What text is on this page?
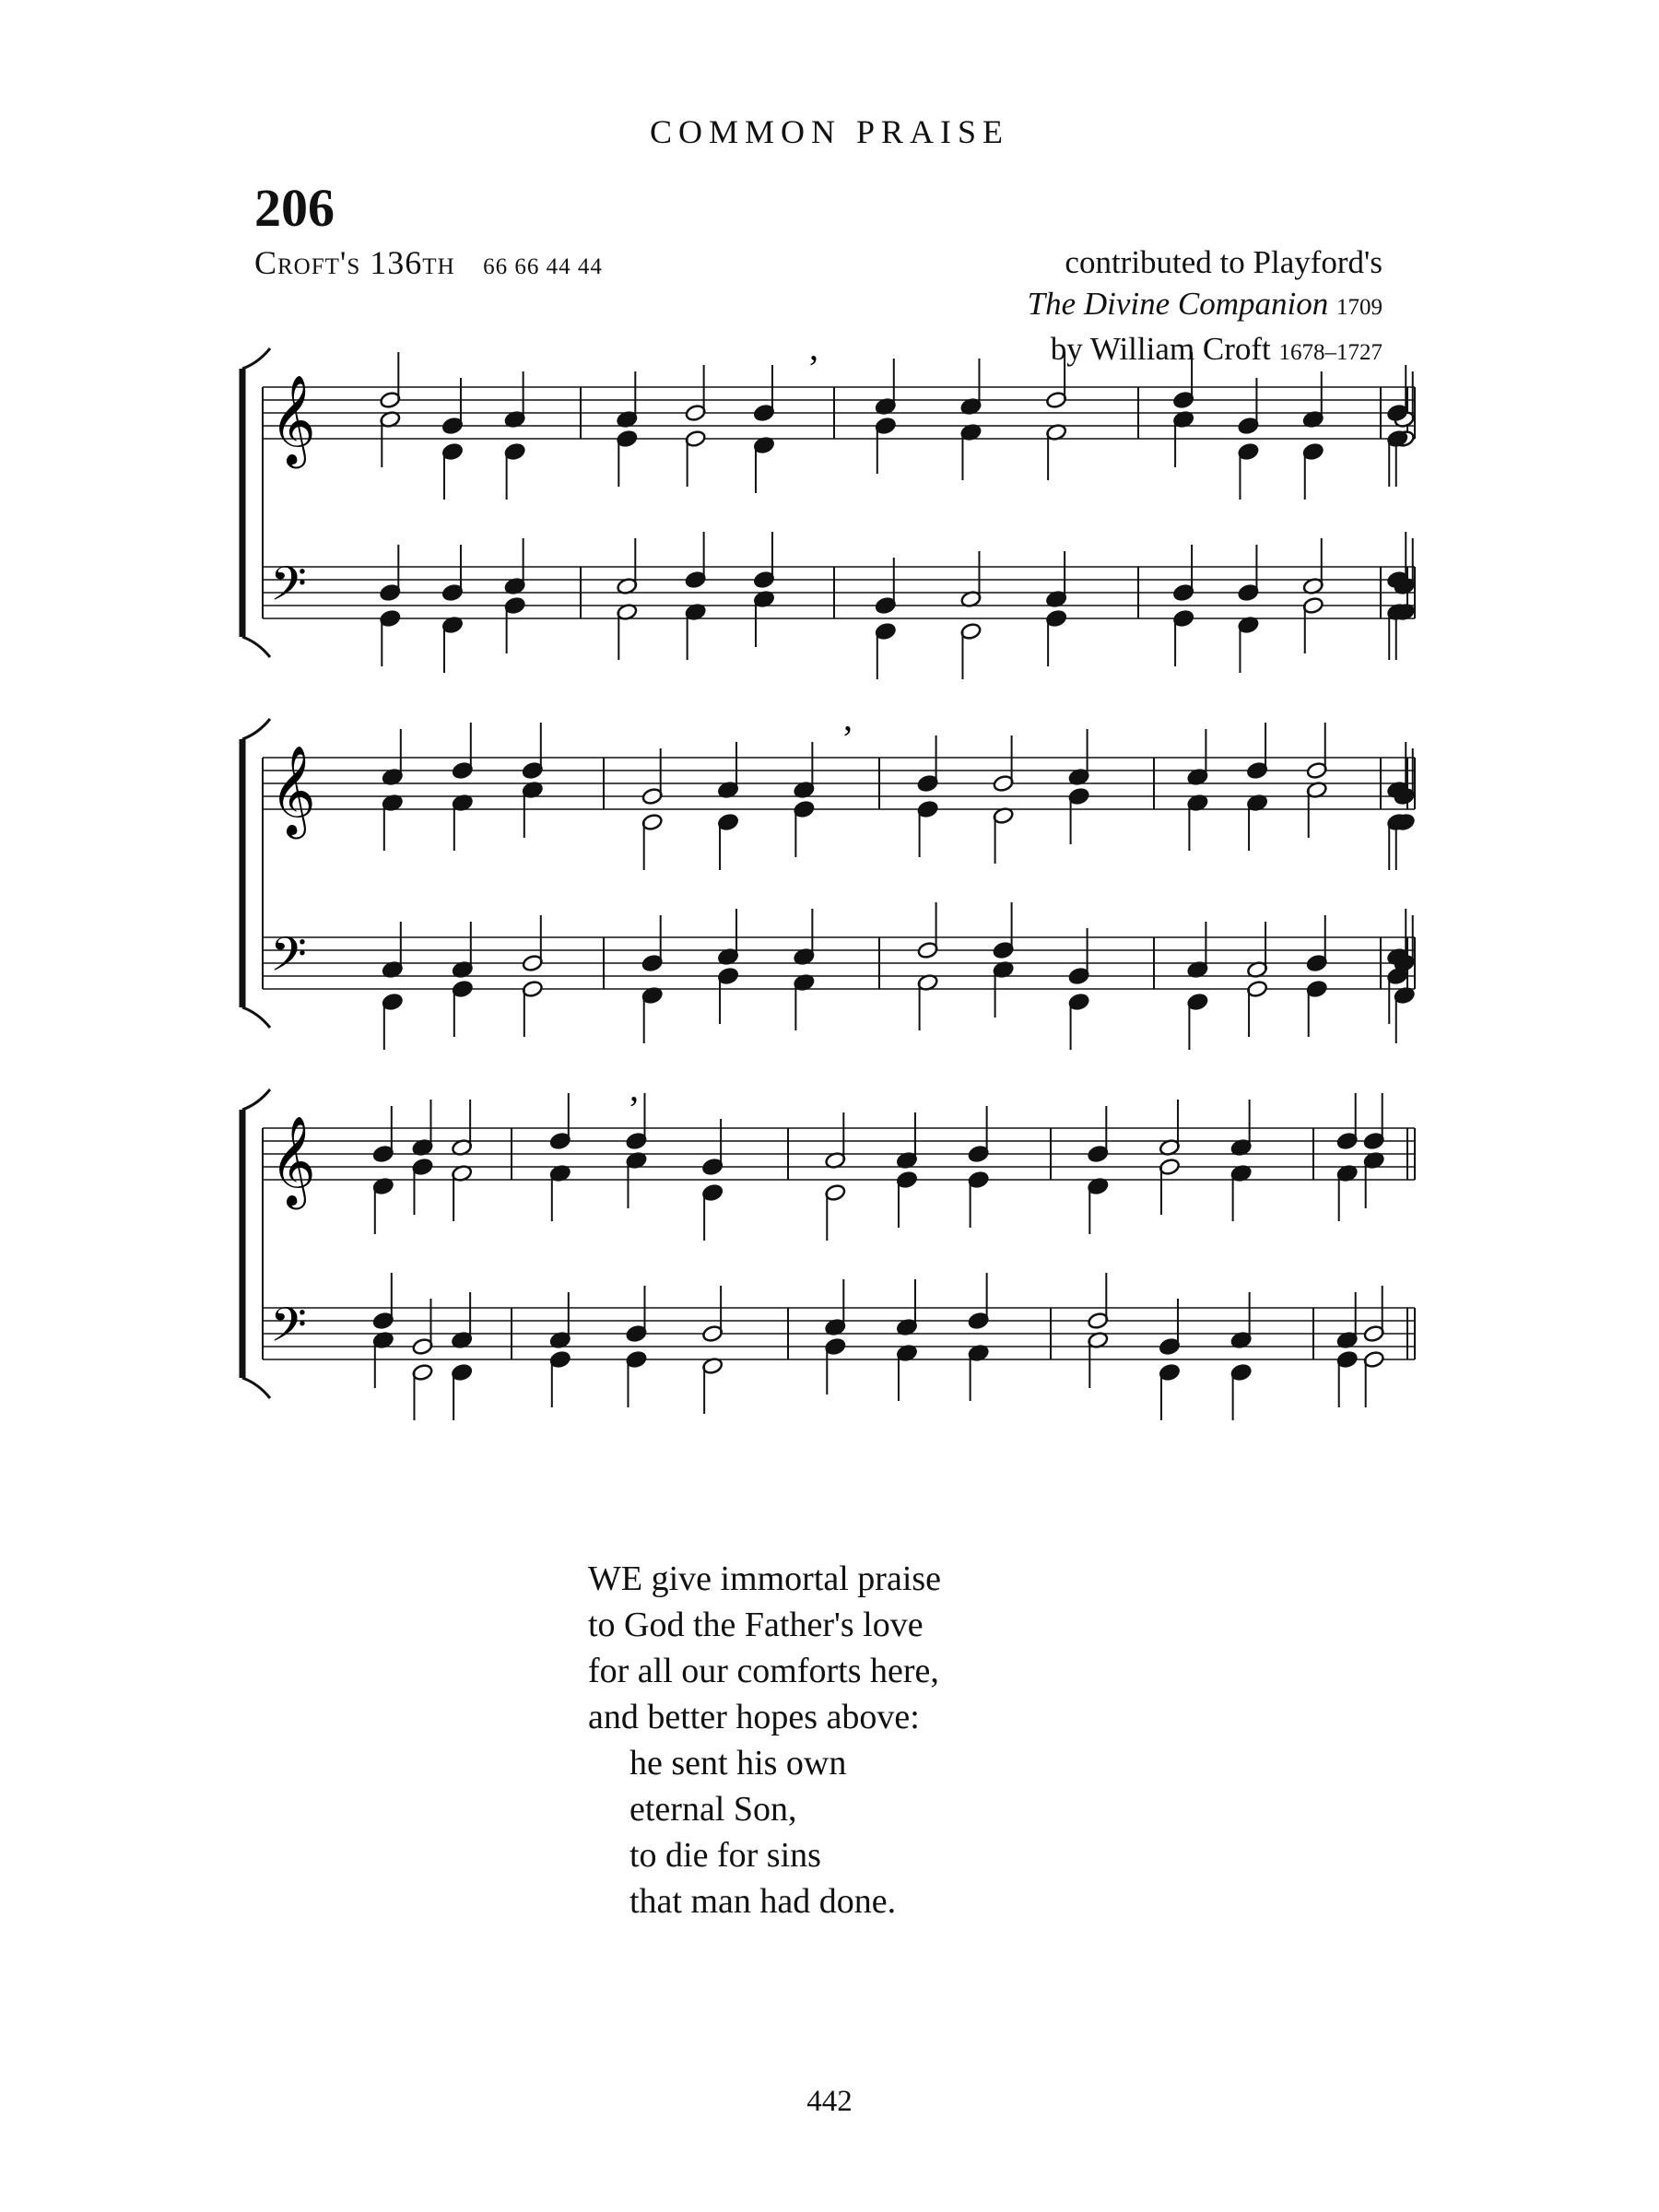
COMMON PRAISE
206
Croft's 136th 66 66 44 44	contributed to Playford's
The Divine Companion 1709
by William Croft 1678–1727
𝄞
𝄢
,
𝄞
𝄢
,
𝄞
𝄢
,
WE give immortal praise
to God the Father's love
for all our comforts here,
and better hopes above:
he sent his own
eternal Son,
to die for sins
that man had done.
442
